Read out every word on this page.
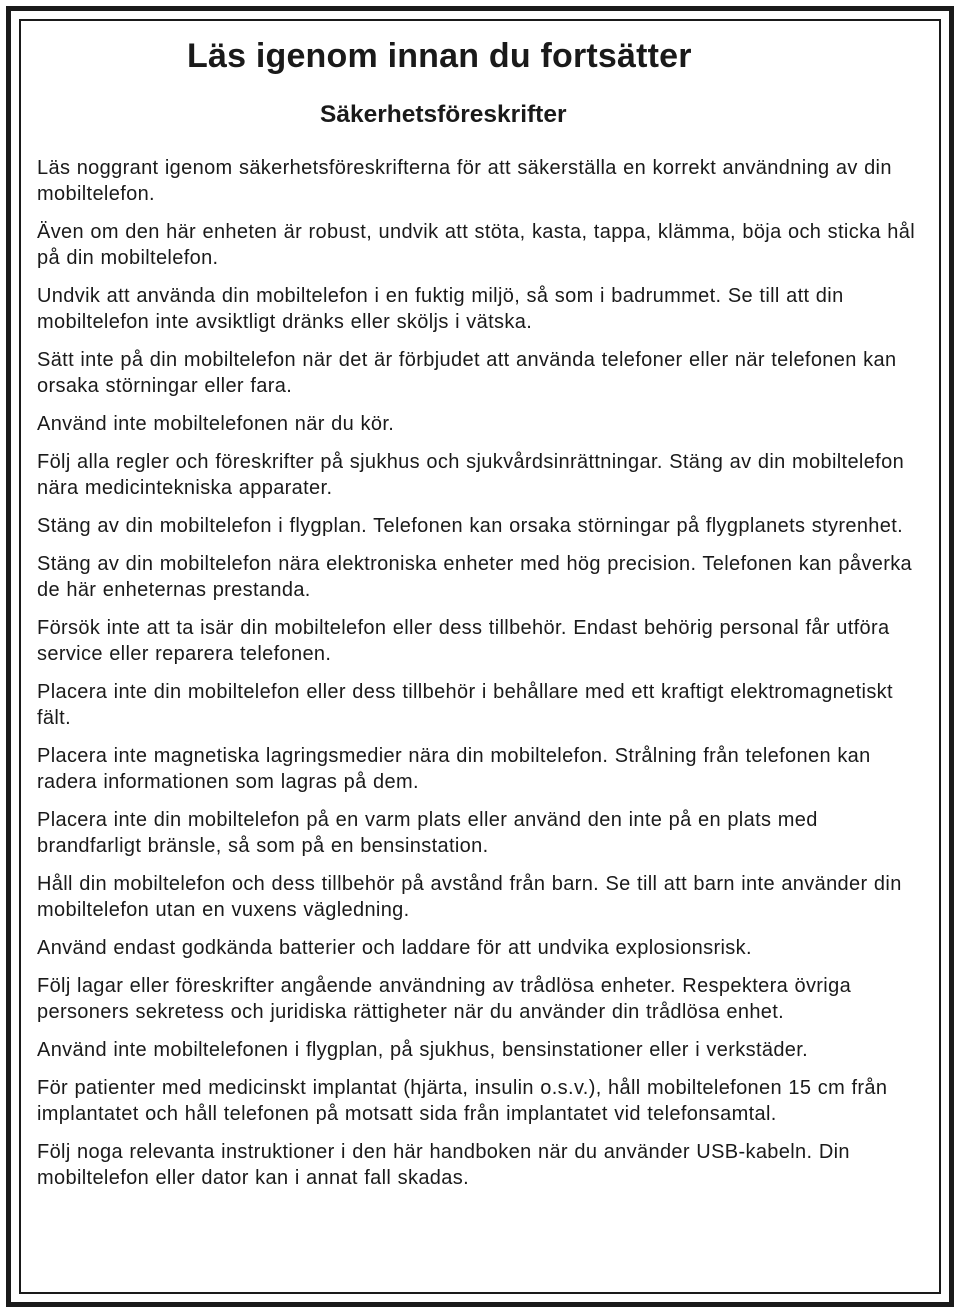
Läs igenom innan du fortsätter
Säkerhetsföreskrifter

Läs noggrant igenom säkerhetsföreskrifterna för att säkerställa en korrekt användning av din mobiltelefon.

Även om den här enheten är robust, undvik att stöta, kasta, tappa, klämma, böja och sticka hål på din mobiltelefon.

Undvik att använda din mobiltelefon i en fuktig miljö, så som i badrummet. Se till att din mobiltelefon inte avsiktligt dränks eller sköljs i vätska.

Sätt inte på din mobiltelefon när det är förbjudet att använda telefoner eller när telefonen kan orsaka störningar eller fara.

Använd inte mobiltelefonen när du kör.

Följ alla regler och föreskrifter på sjukhus och sjukvårdsinrättningar. Stäng av din mobiltelefon nära medicintekniska apparater.

Stäng av din mobiltelefon i flygplan. Telefonen kan orsaka störningar på flygplanets styrenhet.

Stäng av din mobiltelefon nära elektroniska enheter med hög precision. Telefonen kan påverka de här enheternas prestanda.

Försök inte att ta isär din mobiltelefon eller dess tillbehör. Endast behörig personal får utföra service eller reparera telefonen.

Placera inte din mobiltelefon eller dess tillbehör i behållare med ett kraftigt elektromagnetiskt fält.

Placera inte magnetiska lagringsmedier nära din mobiltelefon. Strålning från telefonen kan radera informationen som lagras på dem.

Placera inte din mobiltelefon på en varm plats eller använd den inte på en plats med brandfarligt bränsle, så som på en bensinstation.

Håll din mobiltelefon och dess tillbehör på avstånd från barn. Se till att barn inte använder din mobiltelefon utan en vuxens vägledning.

Använd endast godkända batterier och laddare för att undvika explosionsrisk.

Följ lagar eller föreskrifter angående användning av trådlösa enheter. Respektera övriga personers sekretess och juridiska rättigheter när du använder din trådlösa enhet.

Använd inte mobiltelefonen i flygplan, på sjukhus, bensinstationer eller i verkstäder.

För patienter med medicinskt implantat (hjärta, insulin o.s.v.), håll mobiltelefonen 15 cm från implantatet och håll telefonen på motsatt sida från implantatet vid telefonsamtal.

Följ noga relevanta instruktioner i den här handboken när du använder USB-kabeln. Din mobiltelefon eller dator kan i annat fall skadas.
